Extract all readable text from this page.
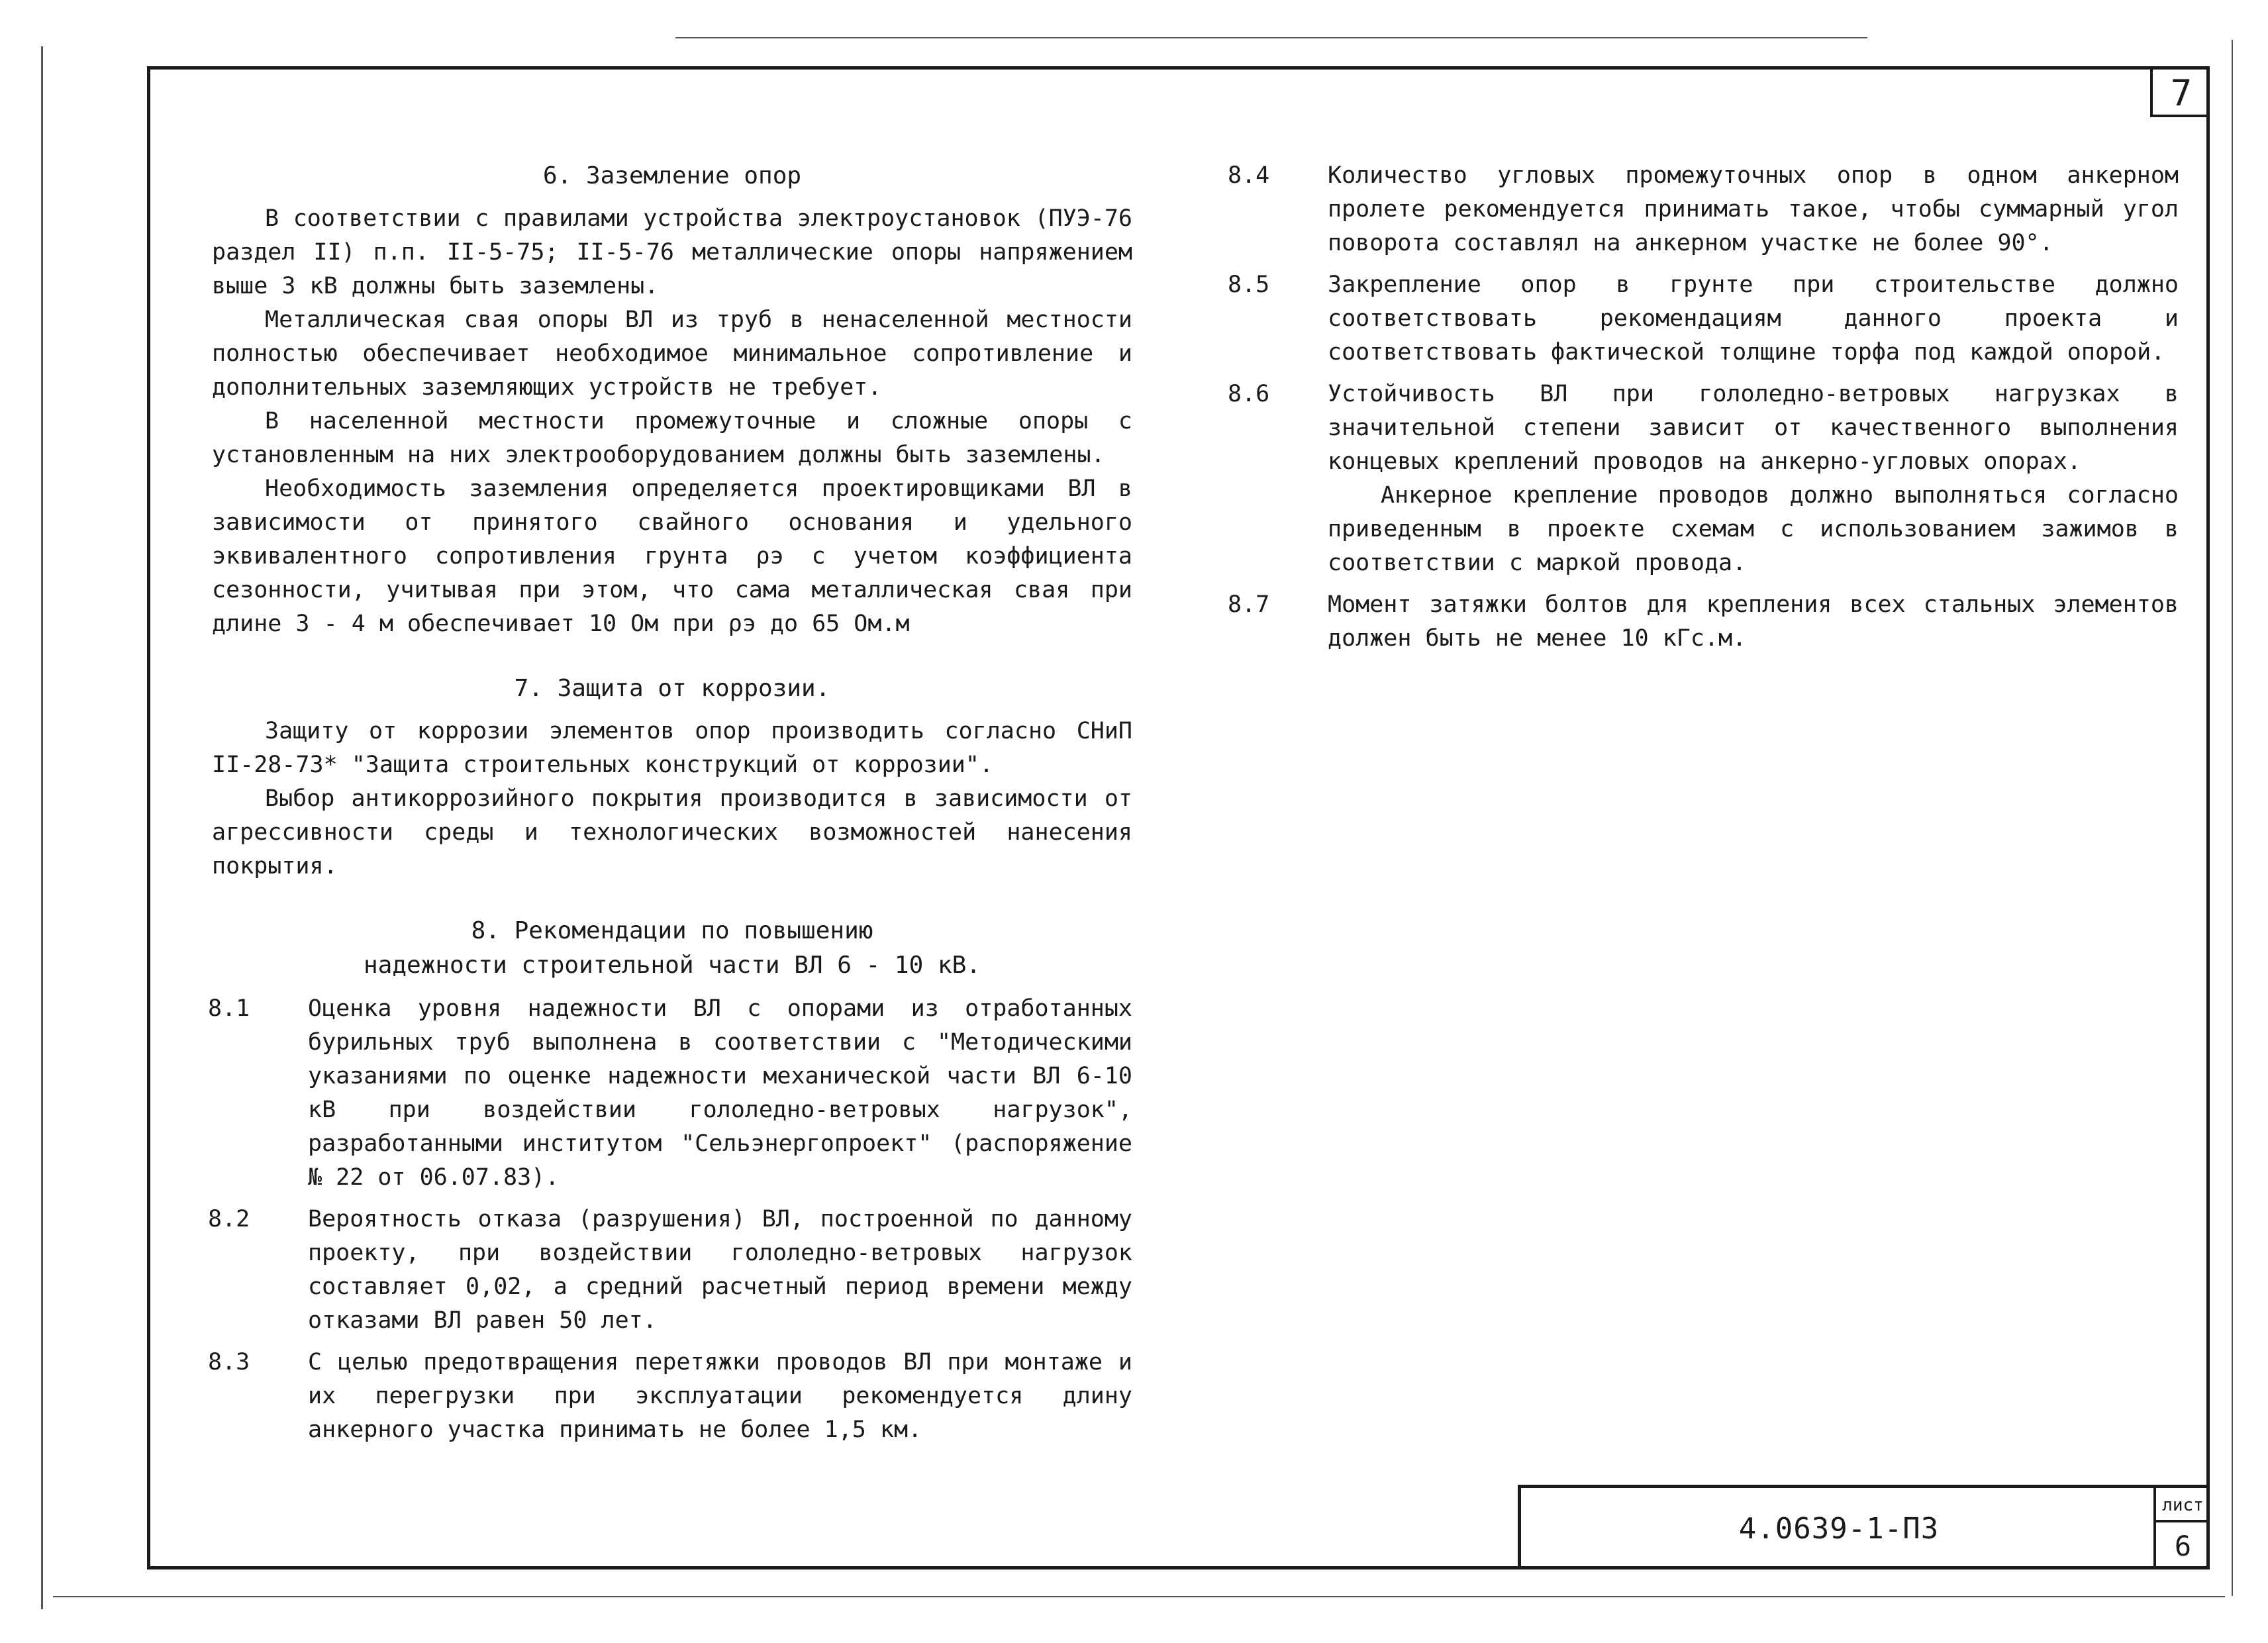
7
6. Заземление опор

В соответствии с правилами устройства электроустановок (ПУЭ-76 раздел II) п.п. II-5-75; II-5-76 металлические опоры напряжением выше 3 кВ должны быть заземлены.

Металлическая свая опоры ВЛ из труб в ненаселенной местности полностью обеспечивает необходимое минимальное сопротивление и дополнительных заземляющих устройств не требует.

В населенной местности промежуточные и сложные опоры с установленным на них электрооборудованием должны быть заземлены.

Необходимость заземления определяется проектировщиками ВЛ в зависимости от принятого свайного основания и удельного эквивалентного сопротивления грунта ρэ с учетом коэффициента сезонности, учитывая при этом, что сама металлическая свая при длине 3 - 4 м обеспечивает 10 Ом при ρэ до 65 Ом.м

7. Защита от коррозии.

Защиту от коррозии элементов опор производить согласно СНиП II-28-73* "Защита строительных конструкций от коррозии".

Выбор антикоррозийного покрытия производится в зависимости от агрессивности среды и технологических возможностей нанесения покрытия.

8. Рекомендации по повышению
надежности строительной части ВЛ 6 - 10 кВ.
8.1	Оценка уровня надежности ВЛ с опорами из отработанных бурильных труб выполнена в соответствии с "Методическими указаниями по оценке надежности механической части ВЛ 6-10 кВ при воздействии гололедно-ветровых нагрузок", разработанными институтом "Сельэнергопроект" (распоряжение № 22 от 06.07.83).
8.2	Вероятность отказа (разрушения) ВЛ, построенной по данному проекту, при воздействии гололедно-ветровых нагрузок составляет 0,02, а средний расчетный период времени между отказами ВЛ равен 50 лет.
8.3	С целью предотвращения перетяжки проводов ВЛ при монтаже и их перегрузки при эксплуатации рекомендуется длину анкерного участка принимать не более 1,5 км.
8.4	Количество угловых промежуточных опор в одном анкерном пролете рекомендуется принимать такое, чтобы суммарный угол поворота составлял на анкерном участке не более 90°.
8.5	Закрепление опор в грунте при строительстве должно соответствовать рекомендациям данного проекта и соответствовать фактической толщине торфа под каждой опорой.
8.6	Устойчивость ВЛ при гололедно-ветровых нагрузках в значительной степени зависит от качественного выполнения концевых креплений проводов на анкерно-угловых опорах.

Анкерное крепление проводов должно выполняться согласно приведенным в проекте схемам с использованием зажимов в соответствии с маркой провода.

8.7	Момент затяжки болтов для крепления всех стальных элементов должен быть не менее 10 кГс.м.
4.0639-1-ПЗ
лист
6
